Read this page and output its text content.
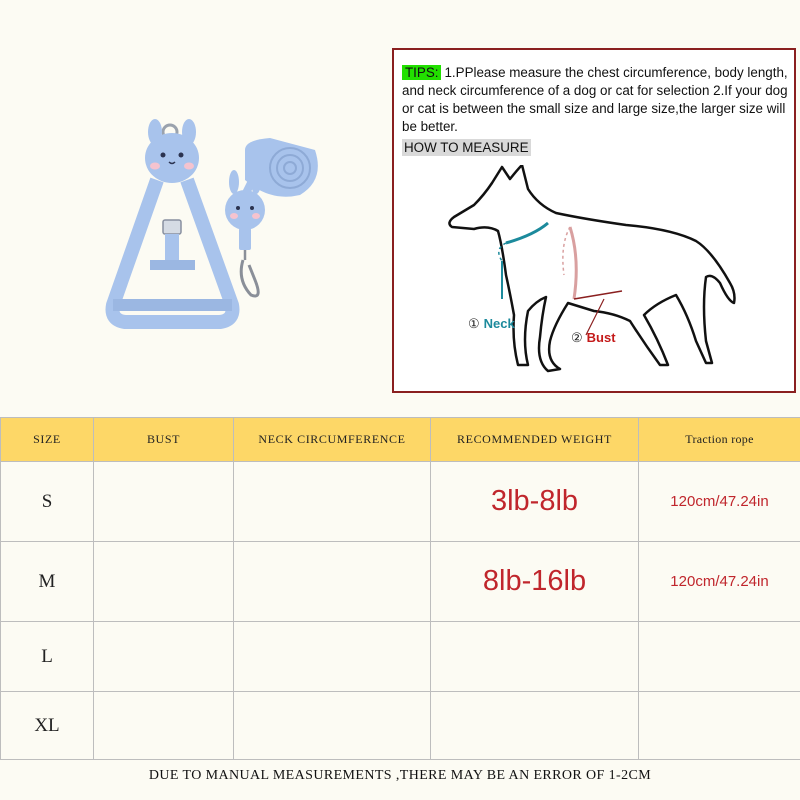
TIPS: 1.PPlease measure the chest circumference, body length, and neck circumference of a dog or cat for selection 2.If your dog or cat is between the small size and large size,the larger size will be better.
HOW TO MEASURE
① Neck
② Bust
SIZE	BUST	NECK CIRCUMFERENCE	RECOMMENDED WEIGHT	Traction rope
S			3lb-8lb	120cm/47.24in
M			8lb-16lb	120cm/47.24in
L				
XL				
DUE TO MANUAL MEASUREMENTS ,THERE MAY BE AN ERROR OF 1-2CM
